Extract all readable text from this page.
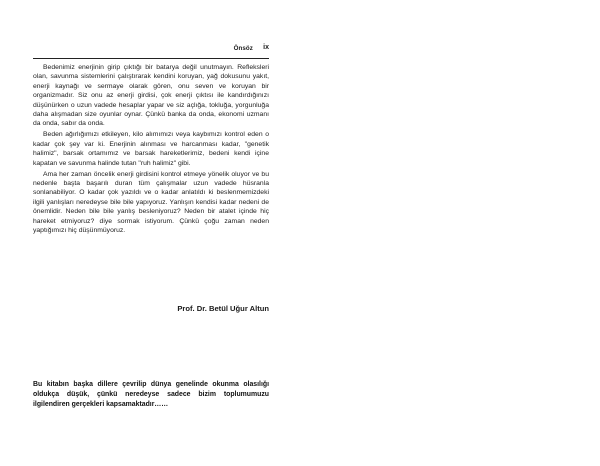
Önsöz ix

Bedenimiz enerjinin girip çıktığı bir batarya değil unutmayın. Refleksleri olan, savunma sistemlerini çalıştırarak kendini koruyan, yağ dokusunu yakıt, enerji kaynağı ve sermaye olarak gören, onu seven ve koruyan bir organizmadır. Siz onu az enerji girdisi, çok enerji çıktısı ile kandırdığınızı düşünürken o uzun vadede hesaplar yapar ve siz açlığa, tokluğa, yorgunluğa daha alışmadan size oyunlar oynar. Çünkü banka da onda, ekonomi uzmanı da onda, sabır da onda.

Beden ağırlığımızı etkileyen, kilo alımımızı veya kaybımızı kontrol eden o kadar çok şey var ki. Enerjinin alınması ve harcanması kadar, "genetik halimiz", barsak ortamımız ve barsak hareketlerimiz, bedeni kendi içine kapatan ve savunma halinde tutan "ruh halimiz" gibi.

Ama her zaman öncelik enerji girdisini kontrol etmeye yönelik oluyor ve bu nedenle başta başarılı duran tüm çalışmalar uzun vadede hüsranla sonlanabiliyor. O kadar çok yazıldı ve o kadar anlatıldı ki beslenmemizdeki ilgili yanlışları neredeyse bile bile yapıyoruz. Yanlışın kendisi kadar nedeni de önemlidir. Neden bile bile yanlış besleniyoruz? Neden bir atalet içinde hiç hareket etmiyoruz? diye sormak istiyorum. Çünkü çoğu zaman neden yaptığımızı hiç düşünmüyoruz.

Prof. Dr. Betül Uğur Altun
Bu kitabın başka dillere çevrilip dünya genelinde okunma olasılığı oldukça düşük, çünkü neredeyse sadece bizim toplumumuzu ilgilendiren gerçekleri kapsamaktadır……
